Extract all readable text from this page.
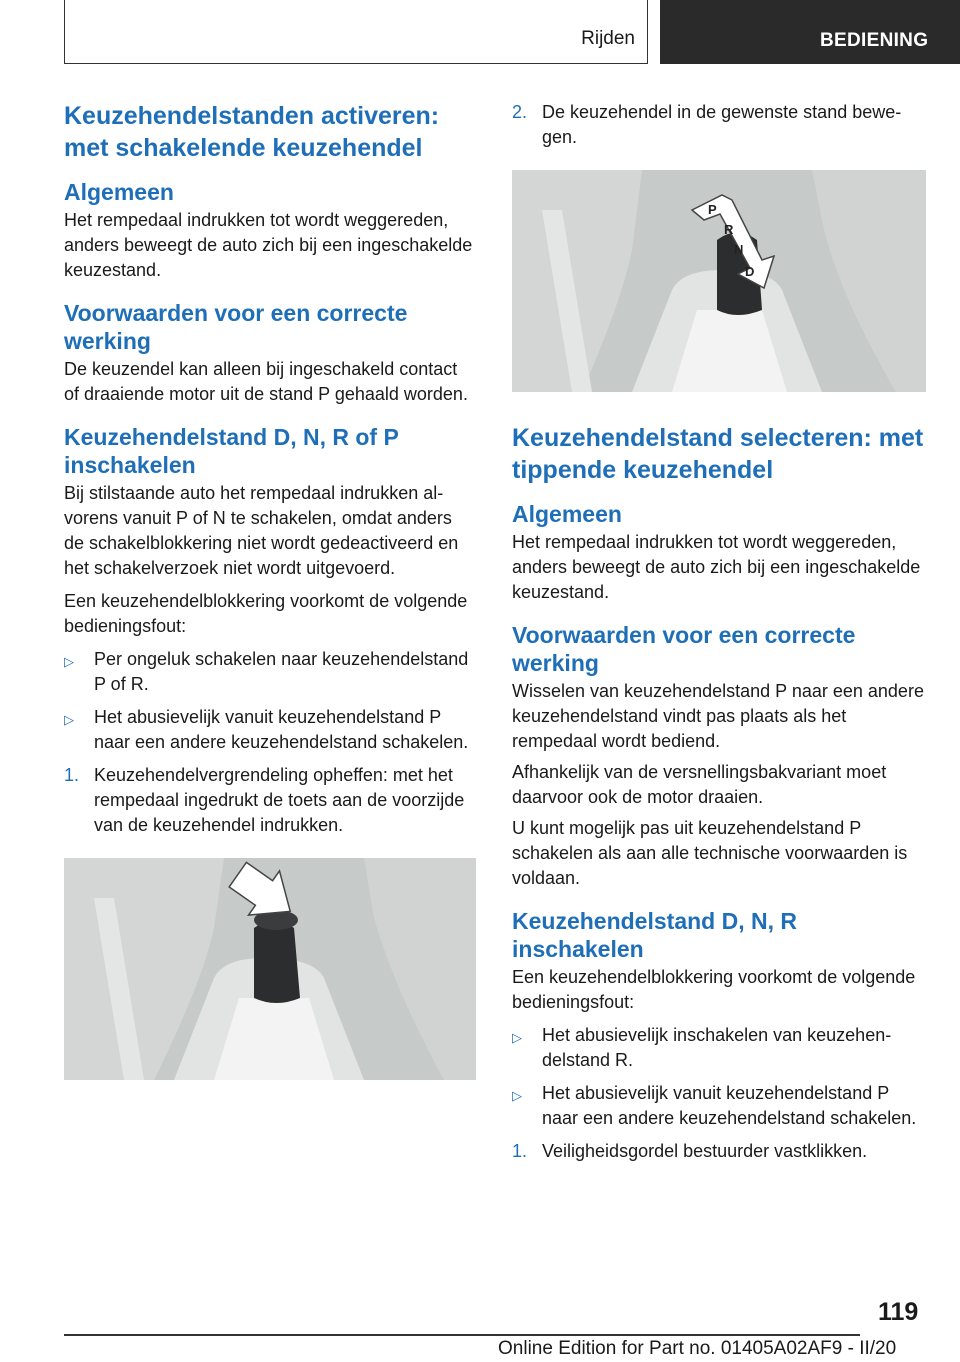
Rijden	BEDIENING
Keuzehendelstanden activeren: met schakelende keuzehendel
Algemeen

Het rempedaal indrukken tot wordt weggereden, anders beweegt de auto zich bij een ingeschakelde keuzestand.

Voorwaarden voor een correcte werking

De keuzendel kan alleen bij ingeschakeld contact of draaiende motor uit de stand P gehaald worden.

Keuzehendelstand D, N, R of P inschakelen

Bij stilstaande auto het rempedaal indrukken alvorens vanuit P of N te schakelen, omdat anders de schakelblokkering niet wordt gedeactiveerd en het schakelverzoek niet wordt uitgevoerd.

Een keuzehendelblokkering voorkomt de volgende bedieningsfout:

▷ Per ongeluk schakelen naar keuzehendelstand P of R.
▷ Het abusievelijk vanuit keuzehendelstand P naar een andere keuzehendelstand schakelen.
1. Keuzehendelvergrendeling opheffen: met het rempedaal ingedrukt de toets aan de voorzijde van de keuzehendel indrukken.
2. De keuzehendel in de gewenste stand bewegen.
P
R
N
D
Keuzehendelstand selecteren: met tippende keuzehendel
Algemeen

Het rempedaal indrukken tot wordt weggereden, anders beweegt de auto zich bij een ingeschakelde keuzestand.

Voorwaarden voor een correcte werking

Wisselen van keuzehendelstand P naar een andere keuzehendelstand vindt pas plaats als het rempedaal wordt bediend.

Afhankelijk van de versnellingsbakvariant moet daarvoor ook de motor draaien.

U kunt mogelijk pas uit keuzehendelstand P schakelen als aan alle technische voorwaarden is voldaan.

Keuzehendelstand D, N, R inschakelen

Een keuzehendelblokkering voorkomt de volgende bedieningsfout:

▷ Het abusievelijk inschakelen van keuzehendelstand R.
▷ Het abusievelijk vanuit keuzehendelstand P naar een andere keuzehendelstand schakelen.
1. Veiligheidsgordel bestuurder vastklikken.
119
Online Edition for Part no. 01405A02AF9 - II/20
